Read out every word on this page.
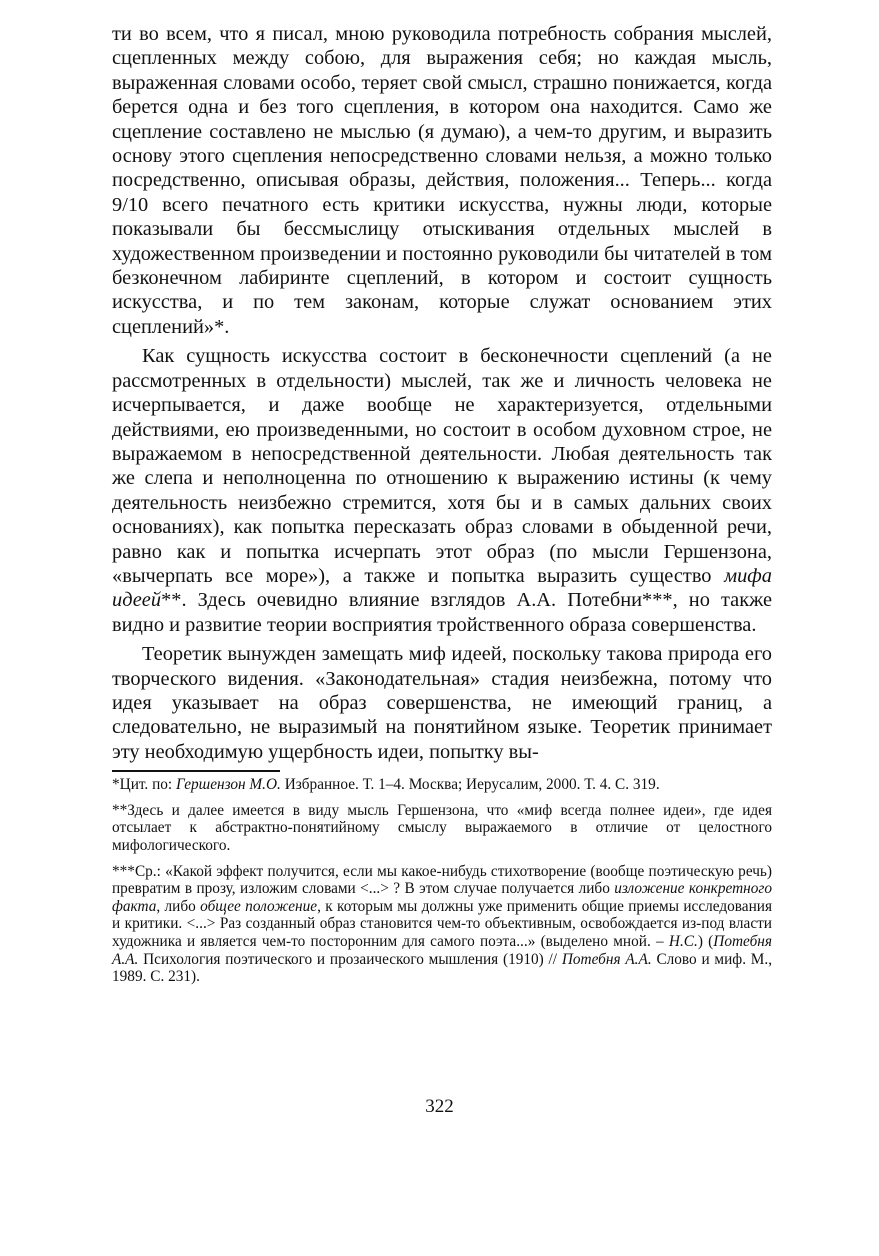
ти во всем, что я писал, мною руководила потребность собрания мыслей, сцепленных между собою, для выражения себя; но каждая мысль, выраженная словами особо, теряет свой смысл, страшно понижается, когда берется одна и без того сцепления, в котором она находится. Само же сцепление составлено не мыслью (я думаю), а чем-то другим, и выразить основу этого сцепления непосредственно словами нельзя, а можно только посредственно, описывая образы, действия, положения... Теперь... когда 9/10 всего печатного есть критики искусства, нужны люди, которые показывали бы бессмыслицу отыскивания отдельных мыслей в художественном произведении и постоянно руководили бы читателей в том безконечном лабиринте сцеплений, в котором и состоит сущность искусства, и по тем законам, которые служат основанием этих сцеплений»*.

Как сущность искусства состоит в бесконечности сцеплений (а не рассмотренных в отдельности) мыслей, так же и личность человека не исчерпывается, и даже вообще не характеризуется, отдельными действиями, ею произведенными, но состоит в особом духовном строе, не выражаемом в непосредственной деятельности. Любая деятельность так же слепа и неполноценна по отношению к выражению истины (к чему деятельность неизбежно стремится, хотя бы и в самых дальних своих основаниях), как попытка пересказать образ словами в обыденной речи, равно как и попытка исчерпать этот образ (по мысли Гершензона, «вычерпать все море»), а также и попытка выразить существо мифа идеей**. Здесь очевидно влияние взглядов А.А. Потебни***, но также видно и развитие теории восприятия тройственного образа совершенства.

Теоретик вынужден замещать миф идеей, поскольку такова природа его творческого видения. «Законодательная» стадия неизбежна, потому что идея указывает на образ совершенства, не имеющий границ, а следовательно, не выразимый на понятийном языке. Теоретик принимает эту необходимую ущербность идеи, попытку вы-

*Цит. по: Гершензон М.О. Избранное. Т. 1–4. Москва; Иерусалим, 2000. Т. 4. С. 319.

**Здесь и далее имеется в виду мысль Гершензона, что «миф всегда полнее идеи», где идея отсылает к абстрактно-понятийному смыслу выражаемого в отличие от целостного мифологического.

***Ср.: «Какой эффект получится, если мы какое-нибудь стихотворение (вообще поэтическую речь) превратим в прозу, изложим словами <...> ? В этом случае получается либо изложение конкретного факта, либо общее положение, к которым мы должны уже применить общие приемы исследования и критики. <...> Раз созданный образ становится чем-то объективным, освобождается из-под власти художника и является чем-то посторонним для самого поэта...» (выделено мной. – Н.С.) (Потебня А.А. Психология поэтического и прозаического мышления (1910) // Потебня А.А. Слово и миф. М., 1989. С. 231).

322
